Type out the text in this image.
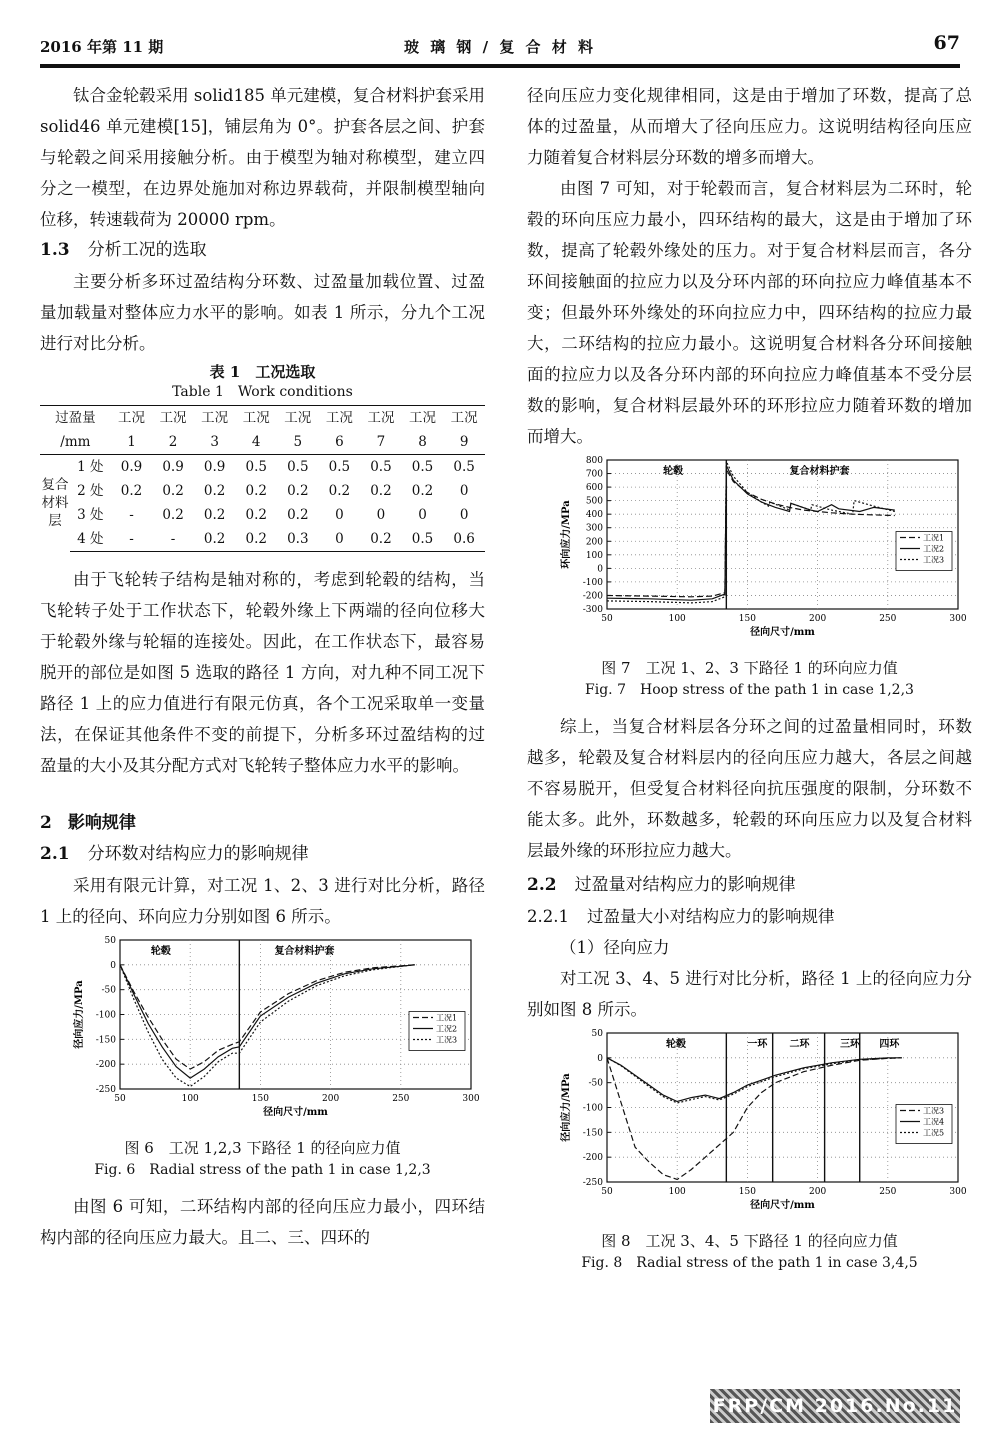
2016 年第 11 期	玻 璃 钢 / 复 合 材 料	67

钛合金轮毂采用 solid185 单元建模，复合材料护套采用 solid46 单元建模[15]，铺层角为 0°。护套各层之间、护套与轮毂之间采用接触分析。由于模型为轴对称模型，建立四分之一模型，在边界处施加对称边界载荷，并限制模型轴向位移，转速载荷为 20000 rpm。

1.3 分析工况的选取

主要分析多环过盈结构分环数、过盈量加载位置、过盈量加载量对整体应力水平的影响。如表 1 所示，分九个工况进行对比分析。

表 1　工况选取

Table 1　Work conditions

过盈量		工况	工况	工况	工况	工况	工况	工况	工况	工况
/mm		1	2	3	4	5	6	7	8	9
复合材料层	1 处	0.9	0.9	0.9	0.5	0.5	0.5	0.5	0.5	0.5
	2 处	0.2	0.2	0.2	0.2	0.2	0.2	0.2	0.2	0
	3 处	-	0.2	0.2	0.2	0.2	0	0	0	0
	4 处	-	-	0.2	0.2	0.3	0	0.2	0.5	0.6

由于飞轮转子结构是轴对称的，考虑到轮毂的结构，当飞轮转子处于工作状态下，轮毂外缘上下两端的径向位移大于轮毂外缘与轮辐的连接处。因此，在工作状态下，最容易脱开的部位是如图 5 选取的路径 1 方向，对九种不同工况下路径 1 上的应力值进行有限元仿真，各个工况采取单一变量法，在保证其他条件不变的前提下，分析多环过盈结构的过盈量的大小及其分配方式对飞轮转子整体应力水平的影响。

2 影响规律
2.1 分环数对结构应力的影响规律

采用有限元计算，对工况 1、2、3 进行对比分析，路径 1 上的径向、环向应力分别如图 6 所示。

50	100	150	200	250	300
50
0
-50
-100
-150
-200
-250
径向尺寸/mm
径向应力/MPa
轮毂	复合材料护套
工况1
工况2
工况3

图 6　工况 1,2,3 下路径 1 的径向应力值

Fig. 6　Radial stress of the path 1 in case 1,2,3

由图 6 可知，二环结构内部的径向压应力最小，四环结构内部的径向压应力最大。且二、三、四环的

径向压应力变化规律相同，这是由于增加了环数，提高了总体的过盈量，从而增大了径向压应力。这说明结构径向压应力随着复合材料层分环数的增多而增大。

由图 7 可知，对于轮毂而言，复合材料层为二环时，轮毂的环向压应力最小，四环结构的最大，这是由于增加了环数，提高了轮毂外缘处的压力。对于复合材料层而言，各分环间接触面的拉应力以及分环内部的环向拉应力峰值基本不变；但最外环外缘处的环向拉应力中，四环结构的拉应力最大，二环结构的拉应力最小。这说明复合材料各分环间接触面的拉应力以及各分环内部的环向拉应力峰值基本不受分层数的影响，复合材料层最外环的环形拉应力随着环数的增加而增大。

50	100	150	200	250	300
800
700
600
500
400
300
200
100
0
-100
-200
-300
径向尺寸/mm
环向应力/MPa
轮毂	复合材料护套
工况1
工况2
工况3

图 7　工况 1、2、3 下路径 1 的环向应力值

Fig. 7　Hoop stress of the path 1 in case 1,2,3

综上，当复合材料层各分环之间的过盈量相同时，环数越多，轮毂及复合材料层内的径向压应力越大，各层之间越不容易脱开，但受复合材料径向抗压强度的限制，分环数不能太多。此外，环数越多，轮毂的环向压应力以及复合材料层最外缘的环形拉应力越大。

2.2 过盈量对结构应力的影响规律
2.2.1 过盈量大小对结构应力的影响规律

（1）径向应力

对工况 3、4、5 进行对比分析，路径 1 上的径向应力分别如图 8 所示。

50	100	150	200	250	300
50
0
-50
-100
-150
-200
-250
径向尺寸/mm
径向应力/MPa
轮毂	一环 二环	三环 四环
工况3
工况4
工况5

图 8　工况 3、4、5 下路径 1 的径向应力值

Fig. 8　Radial stress of the path 1 in case 3,4,5

FRP/CM 2016.No.11
